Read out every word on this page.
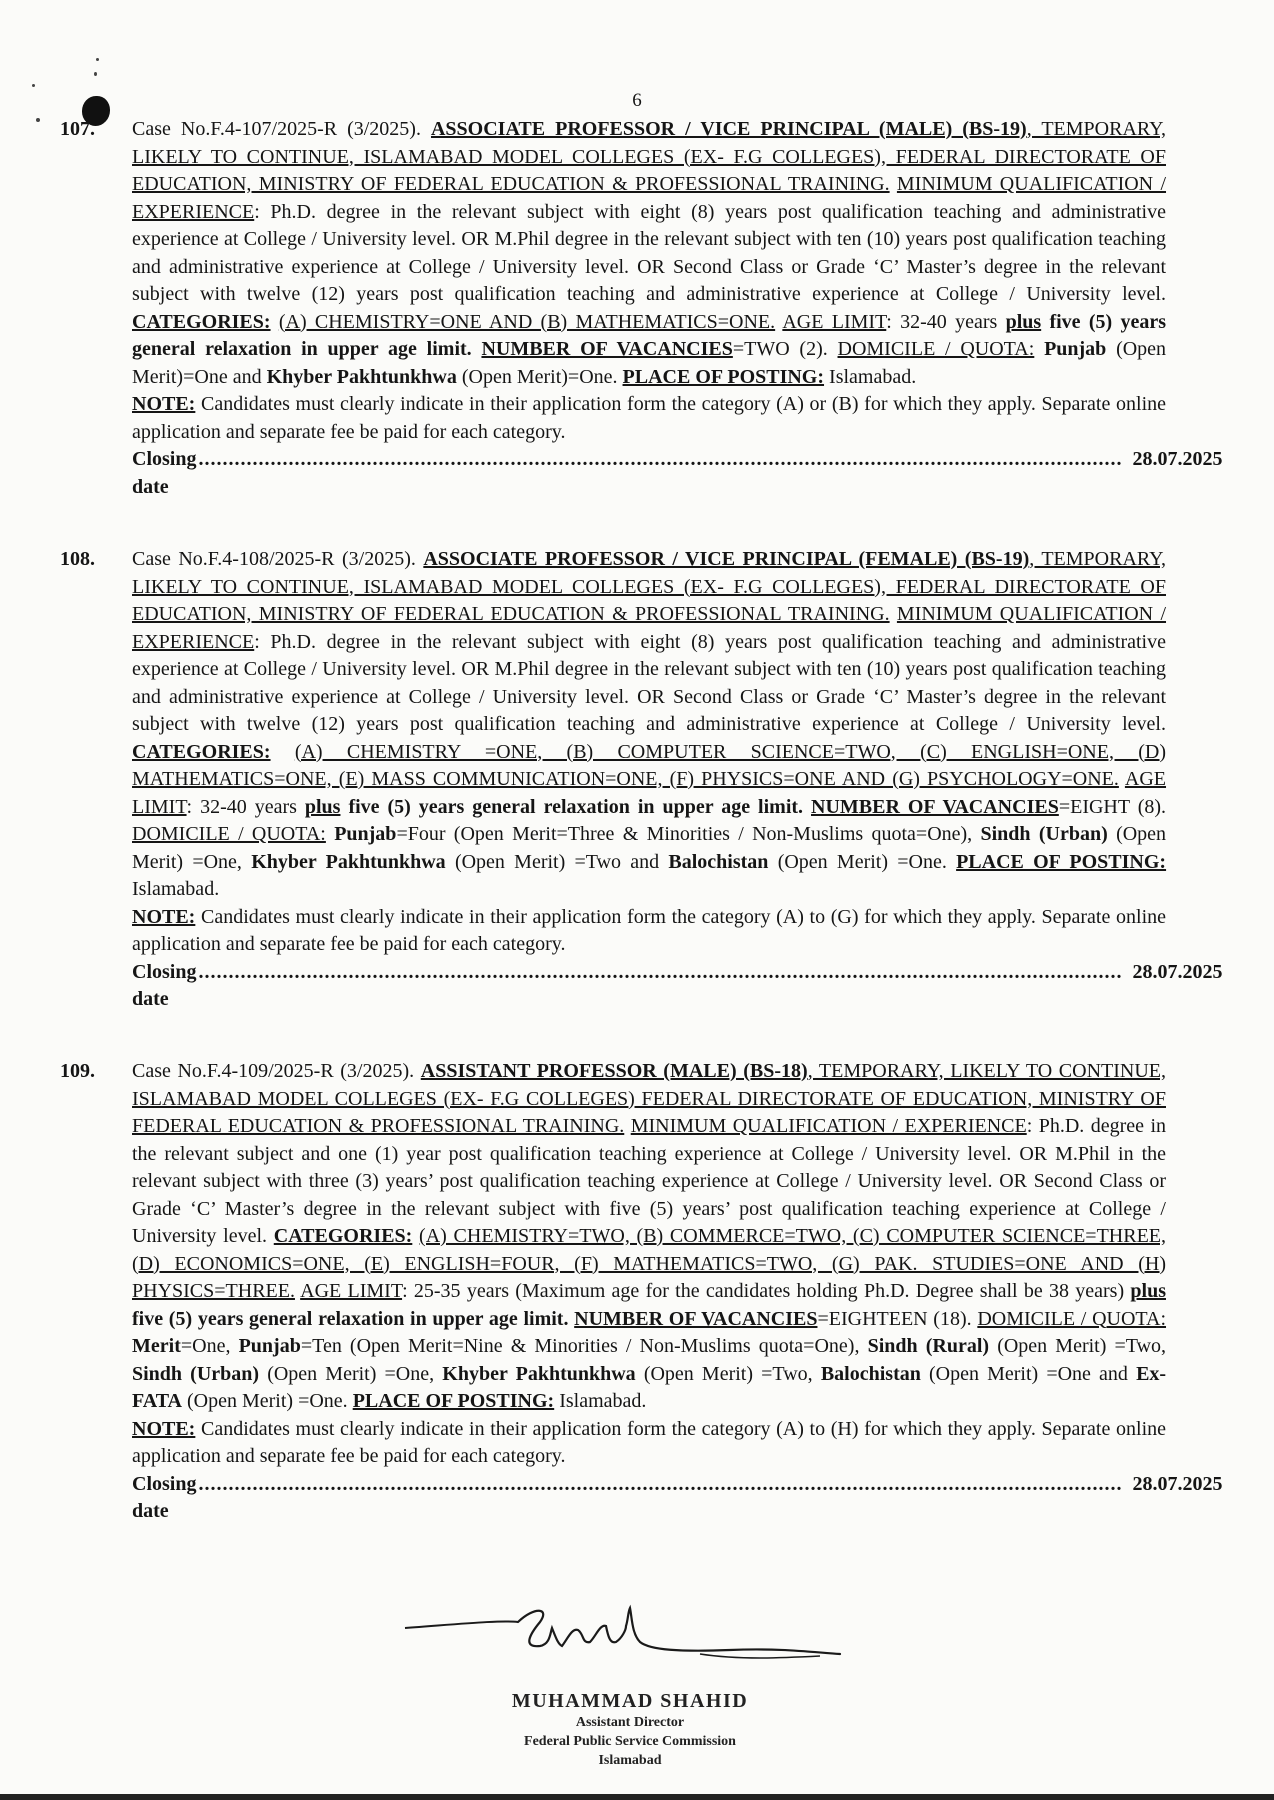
6
107.	Case No.F.4-107/2025-R (3/2025). ASSOCIATE PROFESSOR / VICE PRINCIPAL (MALE) (BS-19), TEMPORARY, LIKELY TO CONTINUE, ISLAMABAD MODEL COLLEGES (EX- F.G COLLEGES), FEDERAL DIRECTORATE OF EDUCATION, MINISTRY OF FEDERAL EDUCATION & PROFESSIONAL TRAINING. MINIMUM QUALIFICATION / EXPERIENCE: Ph.D. degree in the relevant subject with eight (8) years post qualification teaching and administrative experience at College / University level. OR M.Phil degree in the relevant subject with ten (10) years post qualification teaching and administrative experience at College / University level. OR Second Class or Grade ‘C’ Master’s degree in the relevant subject with twelve (12) years post qualification teaching and administrative experience at College / University level. CATEGORIES: (A) CHEMISTRY=ONE AND (B) MATHEMATICS=ONE. AGE LIMIT: 32-40 years plus five (5) years general relaxation in upper age limit. NUMBER OF VACANCIES=TWO (2). DOMICILE / QUOTA: Punjab (Open Merit)=One and Khyber Pakhtunkhwa (Open Merit)=One. PLACE OF POSTING: Islamabad.
NOTE: Candidates must clearly indicate in their application form the category (A) or (B) for which they apply. Separate online application and separate fee be paid for each category.
Closing date
.......................................................................................................................................................... 28.07.2025
108.	Case No.F.4-108/2025-R (3/2025). ASSOCIATE PROFESSOR / VICE PRINCIPAL (FEMALE) (BS-19), TEMPORARY, LIKELY TO CONTINUE, ISLAMABAD MODEL COLLEGES (EX- F.G COLLEGES), FEDERAL DIRECTORATE OF EDUCATION, MINISTRY OF FEDERAL EDUCATION & PROFESSIONAL TRAINING. MINIMUM QUALIFICATION / EXPERIENCE: Ph.D. degree in the relevant subject with eight (8) years post qualification teaching and administrative experience at College / University level. OR M.Phil degree in the relevant subject with ten (10) years post qualification teaching and administrative experience at College / University level. OR Second Class or Grade ‘C’ Master’s degree in the relevant subject with twelve (12) years post qualification teaching and administrative experience at College / University level. CATEGORIES: (A) CHEMISTRY =ONE, (B) COMPUTER SCIENCE=TWO, (C) ENGLISH=ONE, (D) MATHEMATICS=ONE, (E) MASS COMMUNICATION=ONE, (F) PHYSICS=ONE AND (G) PSYCHOLOGY=ONE. AGE LIMIT: 32-40 years plus five (5) years general relaxation in upper age limit. NUMBER OF VACANCIES=EIGHT (8). DOMICILE / QUOTA: Punjab=Four (Open Merit=Three & Minorities / Non-Muslims quota=One), Sindh (Urban) (Open Merit) =One, Khyber Pakhtunkhwa (Open Merit) =Two and Balochistan (Open Merit) =One. PLACE OF POSTING: Islamabad.
NOTE: Candidates must clearly indicate in their application form the category (A) to (G) for which they apply. Separate online application and separate fee be paid for each category.
Closing date
.......................................................................................................................................................... 28.07.2025
109.	Case No.F.4-109/2025-R (3/2025). ASSISTANT PROFESSOR (MALE) (BS-18), TEMPORARY, LIKELY TO CONTINUE, ISLAMABAD MODEL COLLEGES (EX- F.G COLLEGES) FEDERAL DIRECTORATE OF EDUCATION, MINISTRY OF FEDERAL EDUCATION & PROFESSIONAL TRAINING. MINIMUM QUALIFICATION / EXPERIENCE: Ph.D. degree in the relevant subject and one (1) year post qualification teaching experience at College / University level. OR M.Phil in the relevant subject with three (3) years’ post qualification teaching experience at College / University level. OR Second Class or Grade ‘C’ Master’s degree in the relevant subject with five (5) years’ post qualification teaching experience at College / University level. CATEGORIES: (A) CHEMISTRY=TWO, (B) COMMERCE=TWO, (C) COMPUTER SCIENCE=THREE, (D) ECONOMICS=ONE, (E) ENGLISH=FOUR, (F) MATHEMATICS=TWO, (G) PAK. STUDIES=ONE AND (H) PHYSICS=THREE. AGE LIMIT: 25-35 years (Maximum age for the candidates holding Ph.D. Degree shall be 38 years) plus five (5) years general relaxation in upper age limit. NUMBER OF VACANCIES=EIGHTEEN (18). DOMICILE / QUOTA: Merit=One, Punjab=Ten (Open Merit=Nine & Minorities / Non-Muslims quota=One), Sindh (Rural) (Open Merit) =Two, Sindh (Urban) (Open Merit) =One, Khyber Pakhtunkhwa (Open Merit) =Two, Balochistan (Open Merit) =One and Ex-FATA (Open Merit) =One. PLACE OF POSTING: Islamabad.
NOTE: Candidates must clearly indicate in their application form the category (A) to (H) for which they apply. Separate online application and separate fee be paid for each category.
Closing date
.......................................................................................................................................................... 28.07.2025
MUHAMMAD SHAHID
Assistant Director
Federal Public Service Commission
Islamabad
